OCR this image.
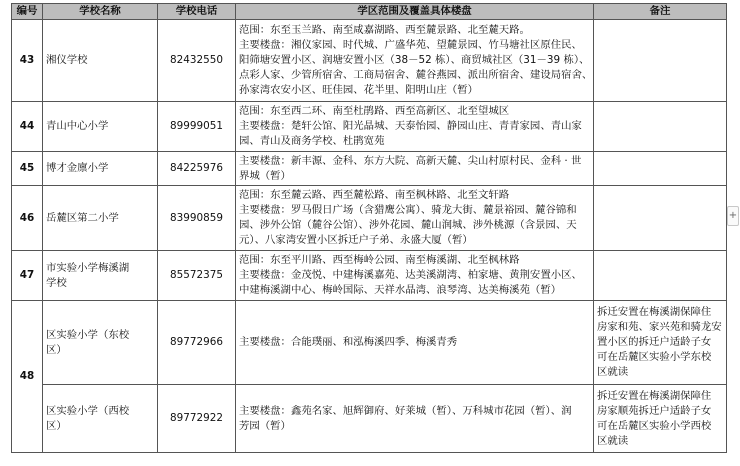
编号	学校名称	学校电话	学区范围及覆盖具体楼盘	备注
43	湘仪学校	82432550	范围：东至玉兰路、南至咸嘉湖路、西至麓景路、北至麓天路。
主要楼盘：湘仪家园、时代城、广盛华苑、望麓景园、竹马塘社区原住民、
阳筛塘安置小区、润塘安置小区（38－52 栋）、商贸城社区（31－39 栋）、
点彩人家、少管所宿舍、工商局宿舍、麓谷燕园、派出所宿舍、建设局宿舍、
孙家湾农安小区、旺佳园、花半里、阳明山庄（暂）	

44	青山中心小学	89999051	范围：东至西二环、南至杜鹃路、西至高新区、北至望城区
主要楼盘：楚轩公馆、阳光晶城、天泰怡园、静园山庄、青青家园、青山家
园、青山及商务学校、杜鹃宽苑	

45	博才金廪小学	84225976	主要楼盘：新丰源、金科、东方大院、高新天麓、尖山村原村民、金科 · 世
界城（暂）	

46	岳麓区第二小学	83990859	范围：东至麓云路、西至麓松路、南至枫林路、北至文轩路
主要楼盘：罗马假日广场（含猎鹰公寓）、骑龙大街、麓景裕园、麓谷锦和
园、涉外公馆（麓谷公馆）、涉外花园、麓山润城、涉外桃源（含景园、天
元）、八家湾安置小区拆迁户子弟、永盛大厦（暂）	

47	市实验小学梅溪湖
学校	85572375	范围：东至平川路、西至梅岭公园、南至梅溪湖、北至枫林路
主要楼盘：金茂悦、中建梅溪嘉苑、达美溪湖湾、柏家塘、黄荆安置小区、
中建梅溪湖中心、梅岭国际、天祥水晶湾、浪琴湾、达美梅溪苑（暂）	

48	区实验小学（东校
区）	89772966	主要楼盘：合能璞丽、和泓梅溪四季、梅溪青秀	拆迁安置在梅溪湖保障住
房家和苑、家兴苑和骑龙安
置小区的拆迁户适龄子女
可在岳麓区实验小学东校
区就读

	区实验小学（西校
区）	89772922	主要楼盘：鑫苑名家、旭辉御府、好莱城（暂）、万科城市花园（暂）、润
芳园（暂）	拆迁安置在梅溪湖保障住
房家顺苑拆迁户适龄子女
可在岳麓区实验小学西校
区就读
+
